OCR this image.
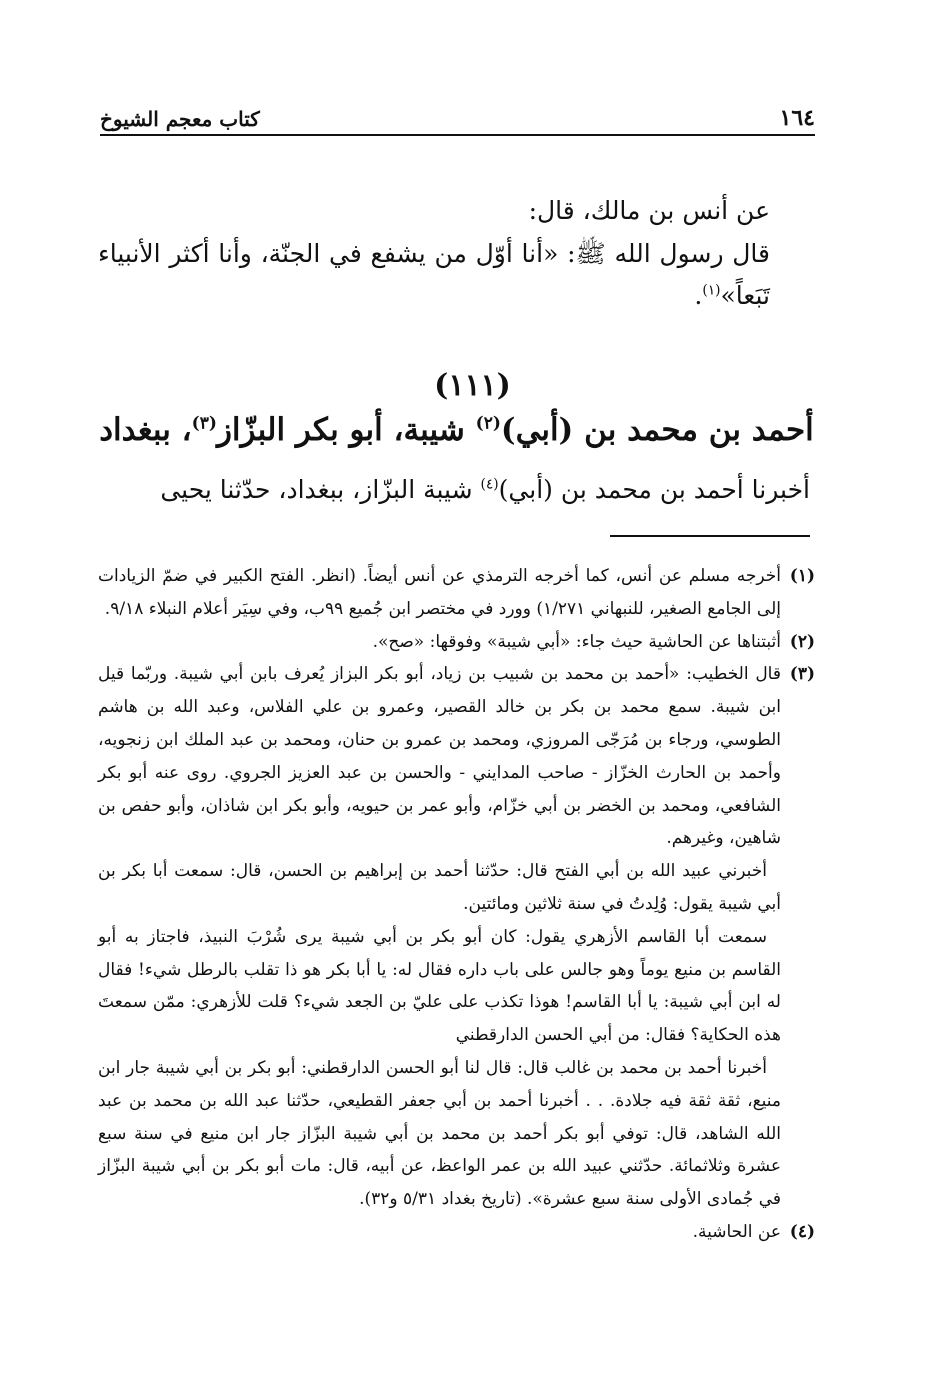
١٦٤
كتاب معجم الشيوخ

عن أنس بن مالك، قال:

قال رسول الله ﷺ: «أنا أوّل من يشفع في الجنّة، وأنا أكثر الأنبياء تَبَعاً»$^{(١)}$.

(١١١)
أحمد بن محمد بن (أبي)$^{(٢)}$ شيبة، أبو بكر البزّاز$^{(٣)}$، ببغداد
أخبرنا أحمد بن محمد بن (أبي)$^{(٤)}$ شيبة البزّاز، ببغداد، حدّثنا يحيى
(١)

أخرجه مسلم عن أنس، كما أخرجه الترمذي عن أنس أيضاً. (انظر. الفتح الكبير في ضمّ الزيادات إلى الجامع الصغير، للنبهاني ١/٢٧١) وورد في مختصر ابن جُميع ٩٩ب، وفي سِيَر أعلام النبلاء ٩/١٨.

(٢)

أثبتناها عن الحاشية حيث جاء: «أبي شيبة» وفوقها: «صح».

(٣)

قال الخطيب: «أحمد بن محمد بن شبيب بن زياد، أبو بكر البزاز يُعرف بابن أبي شيبة. وربّما قيل ابن شيبة. سمع محمد بن بكر بن خالد القصير، وعمرو بن علي الفلاس، وعبد الله بن هاشم الطوسي، ورجاء بن مُرَجّى المروزي، ومحمد بن عمرو بن حنان، ومحمد بن عبد الملك ابن زنجويه، وأحمد بن الحارث الخزّاز - صاحب المدايني - والحسن بن عبد العزيز الجروي. روى عنه أبو بكر الشافعي، ومحمد بن الخضر بن أبي خزّام، وأبو عمر بن حيويه، وأبو بكر ابن شاذان، وأبو حفص بن شاهين، وغيرهم.

أخبرني عبيد الله بن أبي الفتح قال: حدّثنا أحمد بن إبراهيم بن الحسن، قال: سمعت أبا بكر بن أبي شيبة يقول: وُلِدتُ في سنة ثلاثين ومائتين.

سمعت أبا القاسم الأزهري يقول: كان أبو بكر بن أبي شيبة يرى شُرْبَ النبيذ، فاجتاز به أبو القاسم بن منيع يوماً وهو جالس على باب داره فقال له: يا أبا بكر هو ذا تقلب بالرطل شيء! فقال له ابن أبي شيبة: يا أبا القاسم! هوذا تكذب على عليّ بن الجعد شيء؟ قلت للأزهري: ممّن سمعتَ هذه الحكاية؟ فقال: من أبي الحسن الدارقطني

أخبرنا أحمد بن محمد بن غالب قال: قال لنا أبو الحسن الدارقطني: أبو بكر بن أبي شيبة جار ابن منيع، ثقة ثقة فيه جلادة. . . أخبرنا أحمد بن أبي جعفر القطيعي، حدّثنا عبد الله بن محمد بن عبد الله الشاهد، قال: توفي أبو بكر أحمد بن محمد بن أبي شيبة البزّاز جار ابن منيع في سنة سبع عشرة وثلاثمائة. حدّثني عبيد الله بن عمر الواعظ، عن أبيه، قال: مات أبو بكر بن أبي شيبة البزّاز في جُمادى الأولى سنة سبع عشرة». (تاريخ بغداد ٥/٣١ و٣٢).

(٤)

عن الحاشية.
